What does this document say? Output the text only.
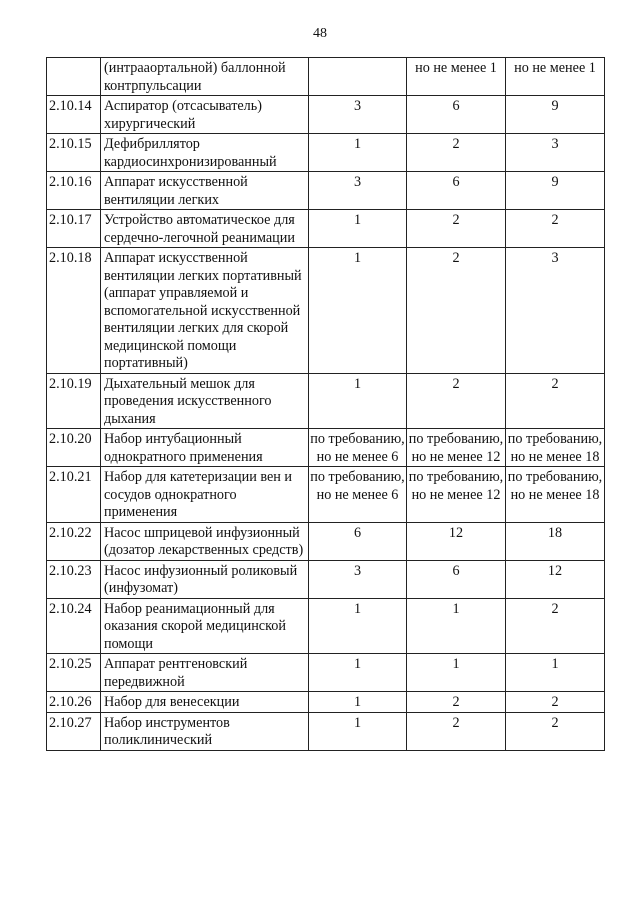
48
	(интрааортальной) баллонной контрпульсации		но не менее 1	но не менее 1
2.10.14	Аспиратор (отсасыватель) хирургический	3	6	9
2.10.15	Дефибриллятор кардиосинхронизированный	1	2	3
2.10.16	Аппарат искусственной вентиляции легких	3	6	9
2.10.17	Устройство автоматическое для сердечно-легочной реанимации	1	2	2
2.10.18	Аппарат искусственной вентиляции легких портативный (аппарат управляемой и вспомогательной искусственной вентиляции легких для скорой медицинской помощи портативный)	1	2	3
2.10.19	Дыхательный мешок для проведения искусственного дыхания	1	2	2
2.10.20	Набор интубационный однократного применения	по требованию, но не менее 6	по требованию, но не менее 12	по требованию, но не менее 18
2.10.21	Набор для катетеризации вен и сосудов однократного применения	по требованию, но не менее 6	по требованию, но не менее 12	по требованию, но не менее 18
2.10.22	Насос шприцевой инфузионный (дозатор лекарственных средств)	6	12	18
2.10.23	Насос инфузионный роликовый (инфузомат)	3	6	12
2.10.24	Набор реанимационный для оказания скорой медицинской помощи	1	1	2
2.10.25	Аппарат рентгеновский передвижной	1	1	1
2.10.26	Набор для венесекции	1	2	2
2.10.27	Набор инструментов поликлинический	1	2	2
